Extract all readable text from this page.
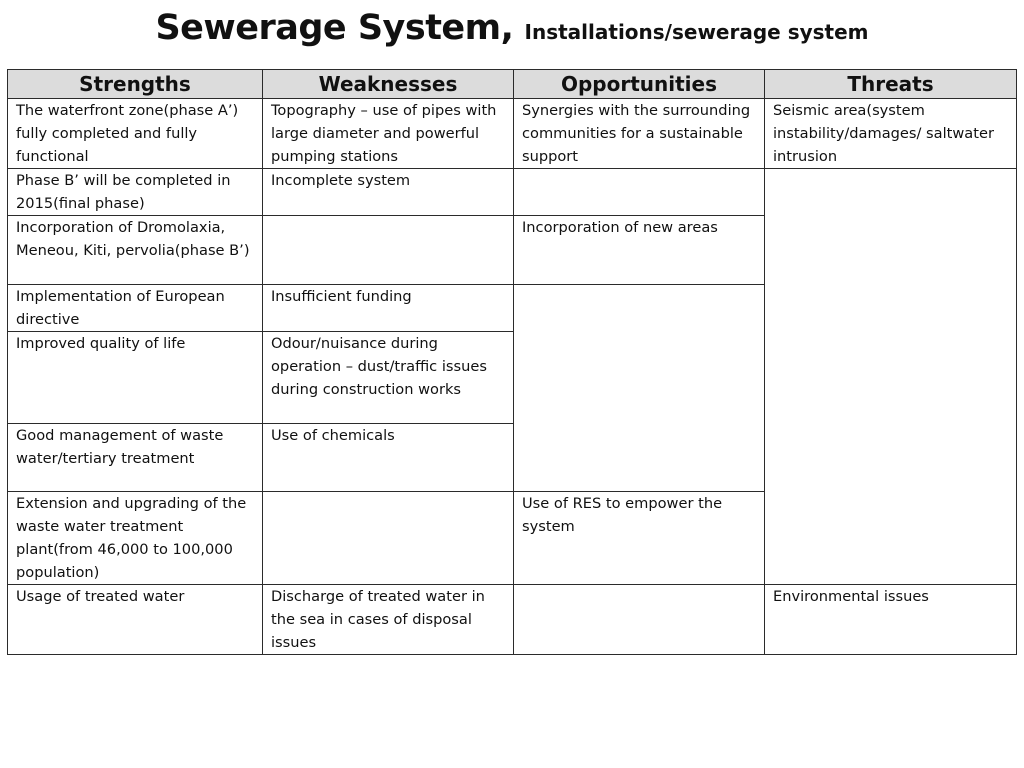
Sewerage System, Installations/sewerage system
Strengths	Weaknesses	Opportunities	Threats
The waterfront zone(phase A’) fully completed and fully functional	Topography – use of pipes with large diameter and powerful pumping stations	Synergies with the surrounding communities for a sustainable support	Seismic area(system instability/damages/ saltwater intrusion
Phase B’ will be completed in 2015(final phase)	Incomplete system		
Incorporation of Dromolaxia, Meneou, Kiti, pervolia(phase B’)		Incorporation of new areas	
Implementation of European directive	Insufficient funding		
Improved quality of life	Odour/nuisance during operation – dust/traffic issues during construction works		
Good management of waste water/tertiary treatment	Use of chemicals		
Extension and upgrading of the waste water treatment plant(from 46,000 to 100,000 population)		Use of RES to empower the system	
Usage of treated water	Discharge of treated water in the sea in cases of disposal issues		Environmental issues
